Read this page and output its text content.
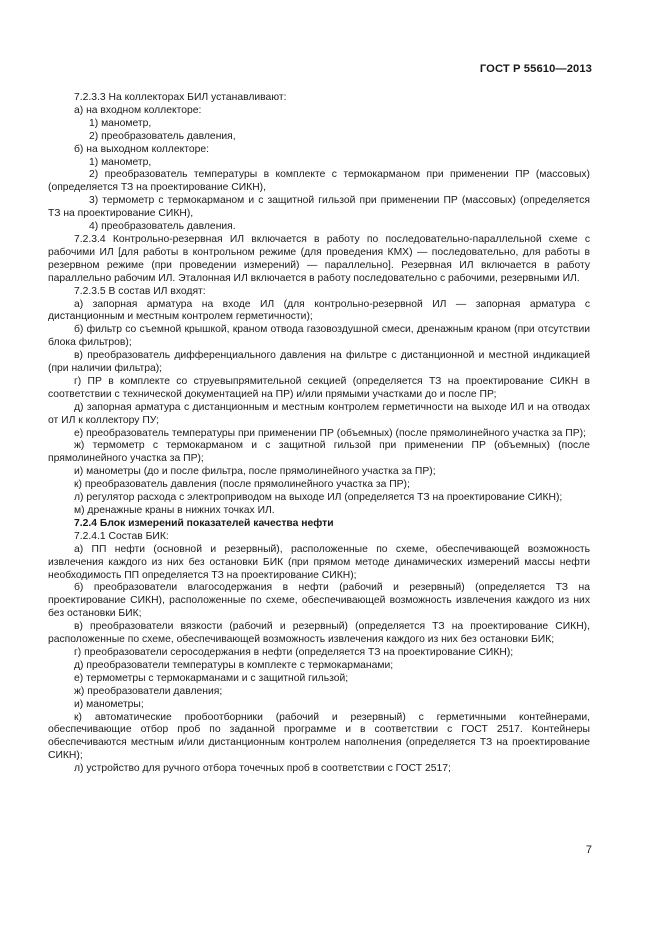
ГОСТ Р 55610—2013

7.2.3.3 На коллекторах БИЛ устанавливают:

а) на входном коллекторе:

1) манометр,

2) преобразователь давления,

б) на выходном коллекторе:

1) манометр,

2) преобразователь температуры в комплекте с термокарманом при применении ПР (массовых) (определяется ТЗ на проектирование СИКН),

3) термометр с термокарманом и с защитной гильзой при применении ПР (массовых) (определяется ТЗ на проектирование СИКН),

4) преобразователь давления.

7.2.3.4 Контрольно-резервная ИЛ включается в работу по последовательно-параллельной схеме с рабочими ИЛ [для работы в контрольном режиме (для проведения КМХ) — последовательно, для работы в резервном режиме (при проведении измерений) — параллельно]. Резервная ИЛ включается в работу параллельно рабочим ИЛ. Эталонная ИЛ включается в работу последовательно с рабочими, резервными ИЛ.

7.2.3.5 В состав ИЛ входят:

а) запорная арматура на входе ИЛ (для контрольно-резервной ИЛ — запорная арматура с дистанционным и местным контролем герметичности);

б) фильтр со съемной крышкой, краном отвода газовоздушной смеси, дренажным краном (при отсутствии блока фильтров);

в) преобразователь дифференциального давления на фильтре с дистанционной и местной индикацией (при наличии фильтра);

г) ПР в комплекте со струевыпрямительной секцией (определяется ТЗ на проектирование СИКН в соответствии с технической документацией на ПР) и/или прямыми участками до и после ПР;

д) запорная арматура с дистанционным и местным контролем герметичности на выходе ИЛ и на отводах от ИЛ к коллектору ПУ;

е) преобразователь температуры при применении ПР (объемных) (после прямолинейного участка за ПР);

ж) термометр с термокарманом и с защитной гильзой при применении ПР (объемных) (после прямолинейного участка за ПР);

и) манометры (до и после фильтра, после прямолинейного участка за ПР);

к) преобразователь давления (после прямолинейного участка за ПР);

л) регулятор расхода с электроприводом на выходе ИЛ (определяется ТЗ на проектирование СИКН);

м) дренажные краны в нижних точках ИЛ.

7.2.4 Блок измерений показателей качества нефти

7.2.4.1 Состав БИК:

а) ПП нефти (основной и резервный), расположенные по схеме, обеспечивающей возможность извлечения каждого из них без остановки БИК (при прямом методе динамических измерений массы нефти необходимость ПП определяется ТЗ на проектирование СИКН);

б) преобразователи влагосодержания в нефти (рабочий и резервный) (определяется ТЗ на проектирование СИКН), расположенные по схеме, обеспечивающей возможность извлечения каждого из них без остановки БИК;

в) преобразователи вязкости (рабочий и резервный) (определяется ТЗ на проектирование СИКН), расположенные по схеме, обеспечивающей возможность извлечения каждого из них без остановки БИК;

г) преобразователи серосодержания в нефти (определяется ТЗ на проектирование СИКН);

д) преобразователи температуры в комплекте с термокарманами;

е) термометры с термокарманами и с защитной гильзой;

ж) преобразователи давления;

и) манометры;

к) автоматические пробоотборники (рабочий и резервный) с герметичными контейнерами, обеспечивающие отбор проб по заданной программе и в соответствии с ГОСТ 2517. Контейнеры обеспечиваются местным и/или дистанционным контролем наполнения (определяется ТЗ на проектирование СИКН);

л) устройство для ручного отбора точечных проб в соответствии с ГОСТ 2517;

7
